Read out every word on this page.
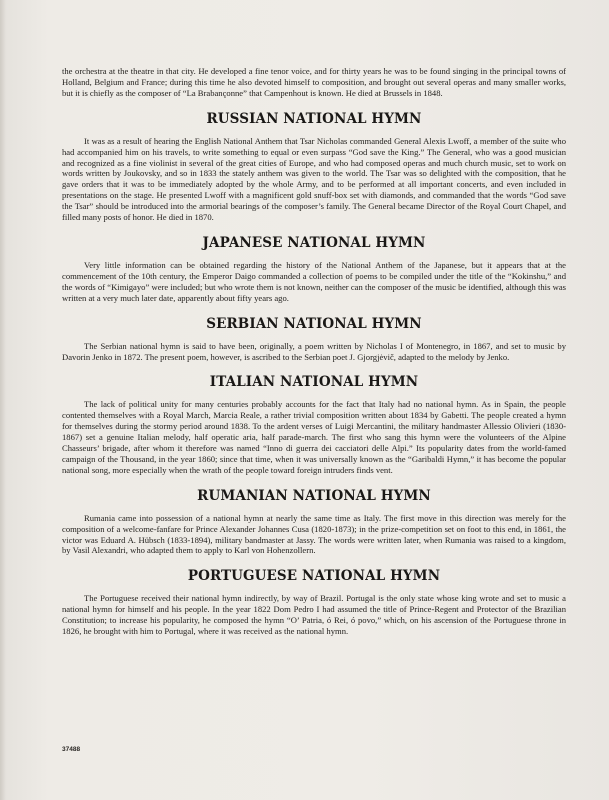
the orchestra at the theatre in that city. He developed a fine tenor voice, and for thirty years he was to be found singing in the principal towns of Holland, Belgium and France; during this time he also devoted himself to composition, and brought out several operas and many smaller works, but it is chiefly as the composer of “La Brabançonne” that Campenhout is known. He died at Brussels in 1848.

RUSSIAN NATIONAL HYMN

It was as a result of hearing the English National Anthem that Tsar Nicholas commanded General Alexis Lwoff, a member of the suite who had accompanied him on his travels, to write something to equal or even surpass “God save the King.” The General, who was a good musician and recognized as a fine violinist in several of the great cities of Europe, and who had composed operas and much church music, set to work on words written by Joukovsky, and so in 1833 the stately anthem was given to the world. The Tsar was so delighted with the composition, that he gave orders that it was to be immediately adopted by the whole Army, and to be performed at all important concerts, and even included in presentations on the stage. He presented Lwoff with a magnificent gold snuff-box set with diamonds, and commanded that the words “God save the Tsar” should be introduced into the armorial bearings of the composer’s family. The General became Director of the Royal Court Chapel, and filled many posts of honor. He died in 1870.

JAPANESE NATIONAL HYMN

Very little information can be obtained regarding the history of the National Anthem of the Japanese, but it appears that at the commencement of the 10th century, the Emperor Daigo commanded a collection of poems to be compiled under the title of the “Kokinshu,” and the words of “Kimigayo” were included; but who wrote them is not known, neither can the composer of the music be identified, although this was written at a very much later date, apparently about fifty years ago.

SERBIAN NATIONAL HYMN

The Serbian national hymn is said to have been, originally, a poem written by Nicholas I of Montenegro, in 1867, and set to music by Davorin Jenko in 1872. The present poem, however, is ascribed to the Serbian poet J. Gjorgjėvič, adapted to the melody by Jenko.

ITALIAN NATIONAL HYMN

The lack of political unity for many centuries probably accounts for the fact that Italy had no national hymn. As in Spain, the people contented themselves with a Royal March, Marcia Reale, a rather trivial composition written about 1834 by Gabetti. The people created a hymn for themselves during the stormy period around 1838. To the ardent verses of Luigi Mercantini, the military handmaster Allessio Olivieri (1830-1867) set a genuine Italian melody, half operatic aria, half parade-march. The first who sang this hymn were the volunteers of the Alpine Chasseurs’ brigade, after whom it therefore was named “Inno di guerra dei cacciatori delle Alpi.” Its popularity dates from the world-famed campaign of the Thousand, in the year 1860; since that time, when it was universally known as the “Garibaldi Hymn,” it has become the popular national song, more especially when the wrath of the people toward foreign intruders finds vent.

RUMANIAN NATIONAL HYMN

Rumania came into possession of a national hymn at nearly the same time as Italy. The first move in this direction was merely for the composition of a welcome-fanfare for Prince Alexander Johannes Cusa (1820-1873); in the prize-competition set on foot to this end, in 1861, the victor was Eduard A. Hübsch (1833-1894), military bandmaster at Jassy. The words were written later, when Rumania was raised to a kingdom, by Vasil Alexandri, who adapted them to apply to Karl von Hohenzollern.

PORTUGUESE NATIONAL HYMN

The Portuguese received their national hymn indirectly, by way of Brazil. Portugal is the only state whose king wrote and set to music a national hymn for himself and his people. In the year 1822 Dom Pedro I had assumed the title of Prince-Regent and Protector of the Brazilian Constitution; to increase his popularity, he composed the hymn “O’ Patria, ó Rei, ó povo,” which, on his ascension of the Portuguese throne in 1826, he brought with him to Portugal, where it was received as the national hymn.

37488
